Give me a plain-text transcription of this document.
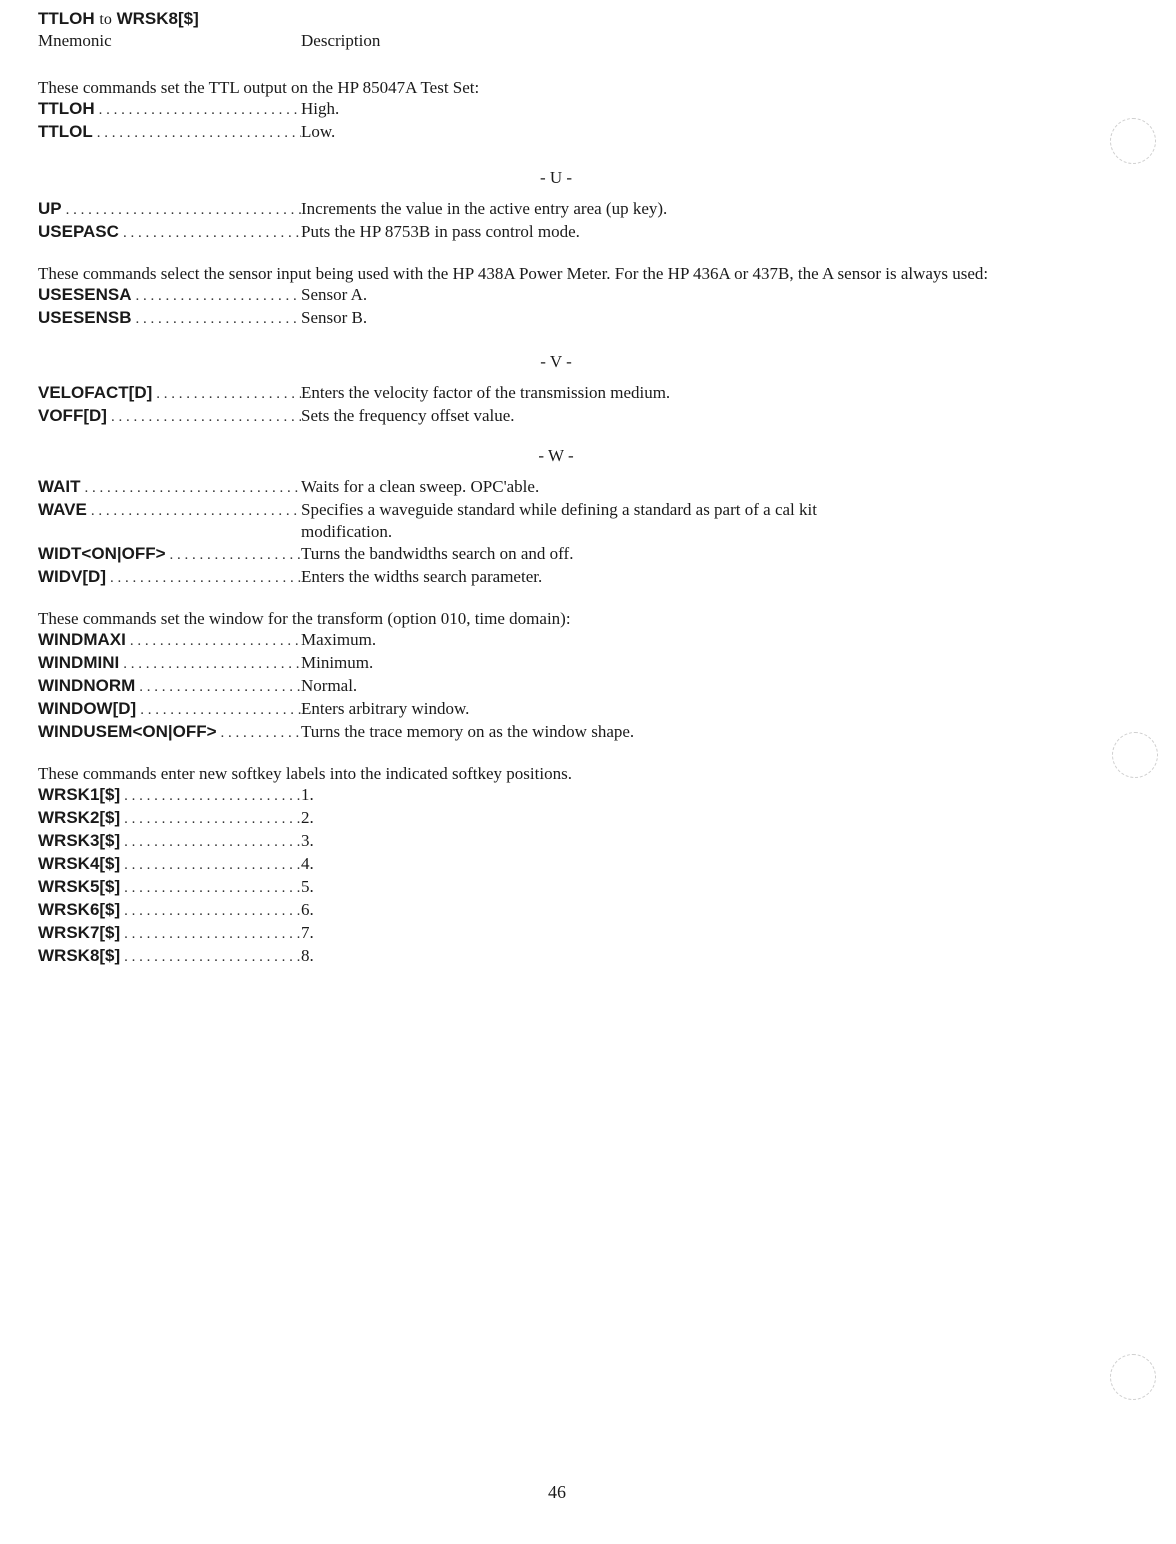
TTLOH to WRSK8[$]
Mnemonic	Description
These commands set the TTL output on the HP 85047A Test Set:
TTLOH . . .	High.
TTLOL . . .	Low.
- U -
UP . . .	Increments the value in the active entry area (up key).
USEPASC . . .	Puts the HP 8753B in pass control mode.
These commands select the sensor input being used with the HP 438A Power Meter. For the HP 436A or 437B, the A sensor is always used:
USESENSA . . .	Sensor A.
USESENSB . . .	Sensor B.
- V -
VELOFACT[D] . . .	Enters the velocity factor of the transmission medium.
VOFF[D] . . .	Sets the frequency offset value.
- W -
WAIT . . .	Waits for a clean sweep. OPC'able.
WAVE . . .	Specifies a waveguide standard while defining a standard as part of a cal kit
modification.
WIDT<ON|OFF> . . .	Turns the bandwidths search on and off.
WIDV[D] . . .	Enters the widths search parameter.
These commands set the window for the transform (option 010, time domain):
WINDMAXI . . .	Maximum.
WINDMINI . . .	Minimum.
WINDNORM . . .	Normal.
WINDOW[D] . . .	Enters arbitrary window.
WINDUSEM<ON|OFF> . . .	Turns the trace memory on as the window shape.
These commands enter new softkey labels into the indicated softkey positions.
WRSK1[$] . . .	1.
WRSK2[$] . . .	2.
WRSK3[$] . . .	3.
WRSK4[$] . . .	4.
WRSK5[$] . . .	5.
WRSK6[$] . . .	6.
WRSK7[$] . . .	7.
WRSK8[$] . . .	8.
46
